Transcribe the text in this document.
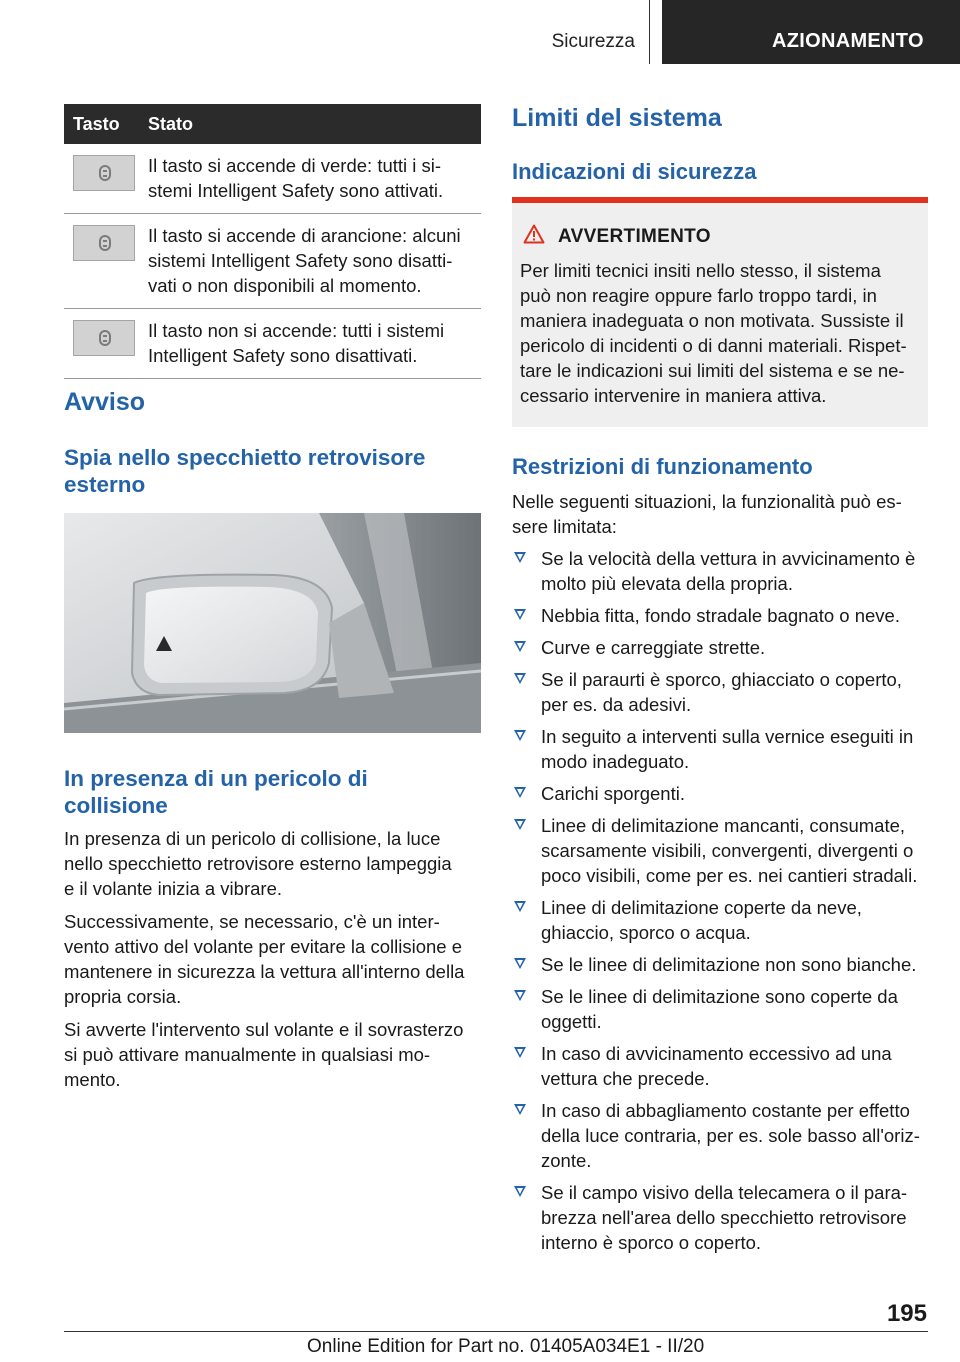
Sicurezza	AZIONAMENTO
Tasto	Stato
Il tasto si accende di verde: tutti i si-
stemi Intelligent Safety sono attivati.
Il tasto si accende di arancione: alcuni
sistemi Intelligent Safety sono disatti-
vati o non disponibili al momento.
Il tasto non si accende: tutti i sistemi
Intelligent Safety sono disattivati.
Avviso
Spia nello specchietto retrovisore
esterno
In presenza di un pericolo di
collisione
In presenza di un pericolo di collisione, la luce
nello specchietto retrovisore esterno lampeggia
e il volante inizia a vibrare.
Successivamente, se necessario, c'è un inter-
vento attivo del volante per evitare la collisione e
mantenere in sicurezza la vettura all'interno della
propria corsia.
Si avverte l'intervento sul volante e il sovrasterzo
si può attivare manualmente in qualsiasi mo-
mento.
Limiti del sistema
Indicazioni di sicurezza
AVVERTIMENTO
Per limiti tecnici insiti nello stesso, il sistema
può non reagire oppure farlo troppo tardi, in
maniera inadeguata o non motivata. Sussiste il
pericolo di incidenti o di danni materiali. Rispet-
tare le indicazioni sui limiti del sistema e se ne-
cessario intervenire in maniera attiva.
Restrizioni di funzionamento
Nelle seguenti situazioni, la funzionalità può es-
sere limitata:
Se la velocità della vettura in avvicinamento è
molto più elevata della propria.
Nebbia fitta, fondo stradale bagnato o neve.
Curve e carreggiate strette.
Se il paraurti è sporco, ghiacciato o coperto,
per es. da adesivi.
In seguito a interventi sulla vernice eseguiti in
modo inadeguato.
Carichi sporgenti.
Linee di delimitazione mancanti, consumate,
scarsamente visibili, convergenti, divergenti o
poco visibili, come per es. nei cantieri stradali.
Linee di delimitazione coperte da neve,
ghiaccio, sporco o acqua.
Se le linee di delimitazione non sono bianche.
Se le linee di delimitazione sono coperte da
oggetti.
In caso di avvicinamento eccessivo ad una
vettura che precede.
In caso di abbagliamento costante per effetto
della luce contraria, per es. sole basso all'oriz-
zonte.
Se il campo visivo della telecamera o il para-
brezza nell'area dello specchietto retrovisore
interno è sporco o coperto.
195
Online Edition for Part no. 01405A034E1 - II/20
